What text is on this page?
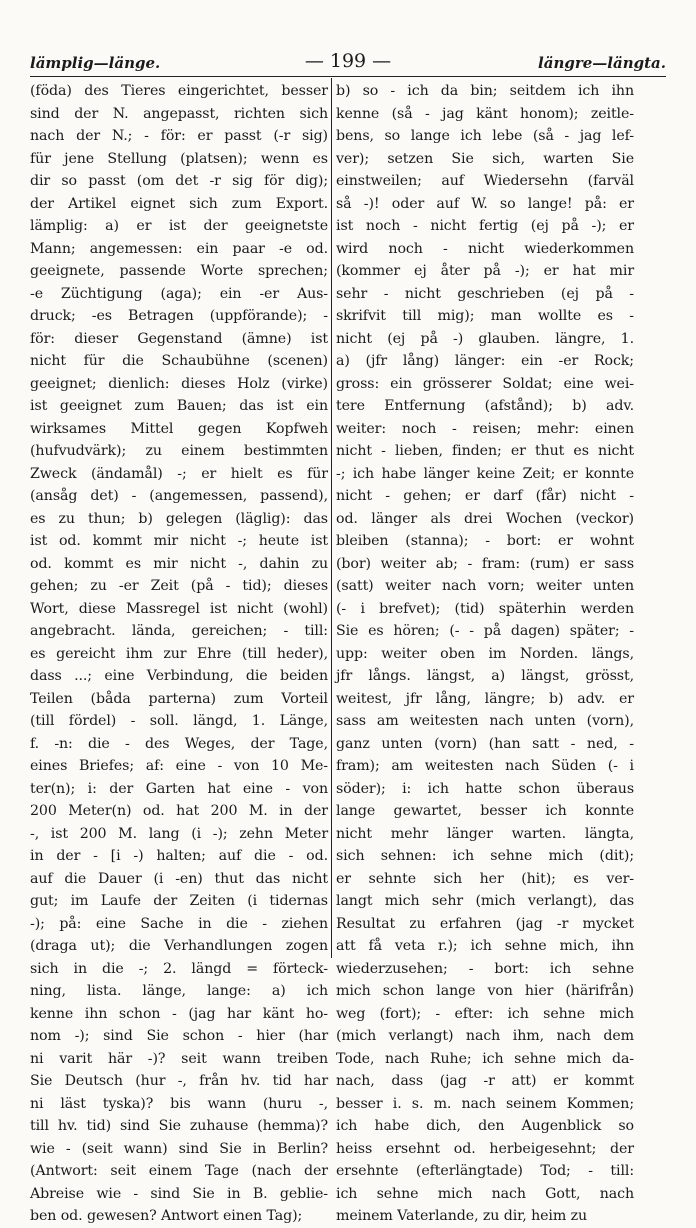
lämplig—länge.	— 199 —	längre—längta.
(föda) des Tieres eingerichtet, besser
sind der N. angepasst, richten sich
nach der N.; - för: er passt (-r sig)
für jene Stellung (platsen); wenn es
dir so passt (om det -r sig för dig);
der Artikel eignet sich zum Export.
lämplig: a) er ist der geeignetste
Mann; angemessen: ein paar -e od.
geeignete, passende Worte sprechen;
-e Züchtigung (aga); ein -er Aus-
druck; -es Betragen (uppförande); -
för: dieser Gegenstand (ämne) ist
nicht für die Schaubühne (scenen)
geeignet; dienlich: dieses Holz (virke)
ist geeignet zum Bauen; das ist ein
wirksames Mittel gegen Kopfweh
(hufvudvärk); zu einem bestimmten
Zweck (ändamål) -; er hielt es für
(ansåg det) - (angemessen, passend),
es zu thun; b) gelegen (läglig): das
ist od. kommt mir nicht -; heute ist
od. kommt es mir nicht -, dahin zu
gehen; zu -er Zeit (på - tid); dieses
Wort, diese Massregel ist nicht (wohl)
angebracht. lända, gereichen; - till:
es gereicht ihm zur Ehre (till heder),
dass ...; eine Verbindung, die beiden
Teilen (båda parterna) zum Vorteil
(till fördel) - soll. längd, 1. Länge,
f. -n: die - des Weges, der Tage,
eines Briefes; af: eine - von 10 Me-
ter(n); i: der Garten hat eine - von
200 Meter(n) od. hat 200 M. in der
-, ist 200 M. lang (i -); zehn Meter
in der - [i -) halten; auf die - od.
auf die Dauer (i -en) thut das nicht
gut; im Laufe der Zeiten (i tidernas
-); på: eine Sache in die - ziehen
(draga ut); die Verhandlungen zogen
sich in die -; 2. längd = förteck-
ning, lista. länge, lange: a) ich
kenne ihn schon - (jag har känt ho-
nom -); sind Sie schon - hier (har
ni varit här -)? seit wann treiben
Sie Deutsch (hur -, från hv. tid har
ni läst tyska)? bis wann (huru -,
till hv. tid) sind Sie zuhause (hemma)?
wie - (seit wann) sind Sie in Berlin?
(Antwort: seit einem Tage (nach der
Abreise wie - sind Sie in B. geblie-
ben od. gewesen? Antwort einen Tag);
b) so - ich da bin; seitdem ich ihn
kenne (så - jag känt honom); zeitle-
bens, so lange ich lebe (så - jag lef-
ver); setzen Sie sich, warten Sie
einstweilen; auf Wiedersehn (farväl
så -)! oder auf W. so lange! på: er
ist noch - nicht fertig (ej på -); er
wird noch - nicht wiederkommen
(kommer ej åter på -); er hat mir
sehr - nicht geschrieben (ej på -
skrifvit till mig); man wollte es -
nicht (ej på -) glauben. längre, 1.
a) (jfr lång) länger: ein -er Rock;
gross: ein grösserer Soldat; eine wei-
tere Entfernung (afstånd); b) adv.
weiter: noch - reisen; mehr: einen
nicht - lieben, finden; er thut es nicht
-; ich habe länger keine Zeit; er konnte
nicht - gehen; er darf (får) nicht -
od. länger als drei Wochen (veckor)
bleiben (stanna); - bort: er wohnt
(bor) weiter ab; - fram: (rum) er sass
(satt) weiter nach vorn; weiter unten
(- i brefvet); (tid) späterhin werden
Sie es hören; (- - på dagen) später; -
upp: weiter oben im Norden. längs,
jfr långs. längst, a) längst, grösst,
weitest, jfr lång, längre; b) adv. er
sass am weitesten nach unten (vorn),
ganz unten (vorn) (han satt - ned, -
fram); am weitesten nach Süden (- i
söder); i: ich hatte schon überaus
lange gewartet, besser ich konnte
nicht mehr länger warten. längta,
sich sehnen: ich sehne mich (dit);
er sehnte sich her (hit); es ver-
langt mich sehr (mich verlangt), das
Resultat zu erfahren (jag -r mycket
att få veta r.); ich sehne mich, ihn
wiederzusehen; - bort: ich sehne
mich schon lange von hier (härifrån)
weg (fort); - efter: ich sehne mich
(mich verlangt) nach ihm, nach dem
Tode, nach Ruhe; ich sehne mich da-
nach, dass (jag -r att) er kommt
besser i. s. m. nach seinem Kommen;
ich habe dich, den Augenblick so
heiss ersehnt od. herbeigesehnt; der
ersehnte (efterlängtade) Tod; - till:
ich sehne mich nach Gott, nach
meinem Vaterlande, zu dir, heim zu
